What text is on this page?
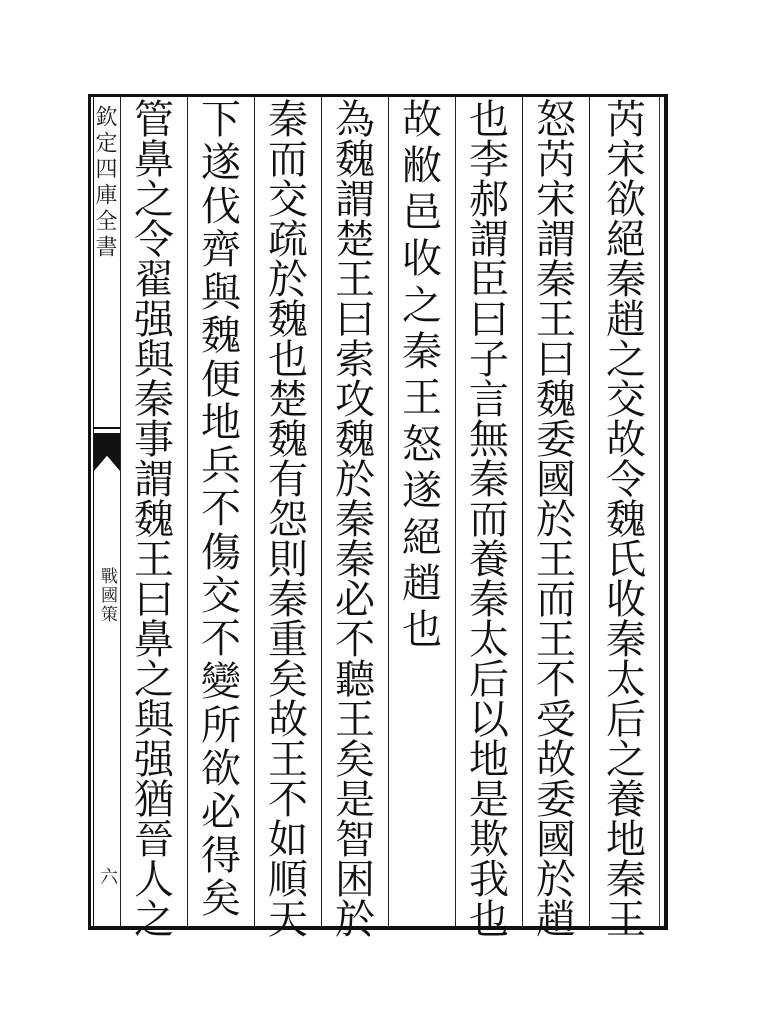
欽定四庫全書
戰國策
六
芮
宋
欲
絕
秦
趙
之
交
故
令
魏
氏
收
秦
太
后
之
養
地
秦
王
怒
芮
宋
謂
秦
王
曰
魏
委
國
於
王
而
王
不
受
故
委
國
於
趙
也
李
郝
謂
臣
曰
子
言
無
秦
而
養
秦
太
后
以
地
是
欺
我
也
故
敝
邑
收
之
秦
王
怒
遂
絕
趙
也
為
魏
謂
楚
王
曰
索
攻
魏
於
秦
秦
必
不
聽
王
矣
是
智
困
於
秦
而
交
疏
於
魏
也
楚
魏
有
怨
則
秦
重
矣
故
王
不
如
順
天
下
遂
伐
齊
與
魏
便
地
兵
不
傷
交
不
變
所
欲
必
得
矣
管
鼻
之
令
翟
强
與
秦
事
謂
魏
王
曰
鼻
之
與
强
猶
晉
人
之
